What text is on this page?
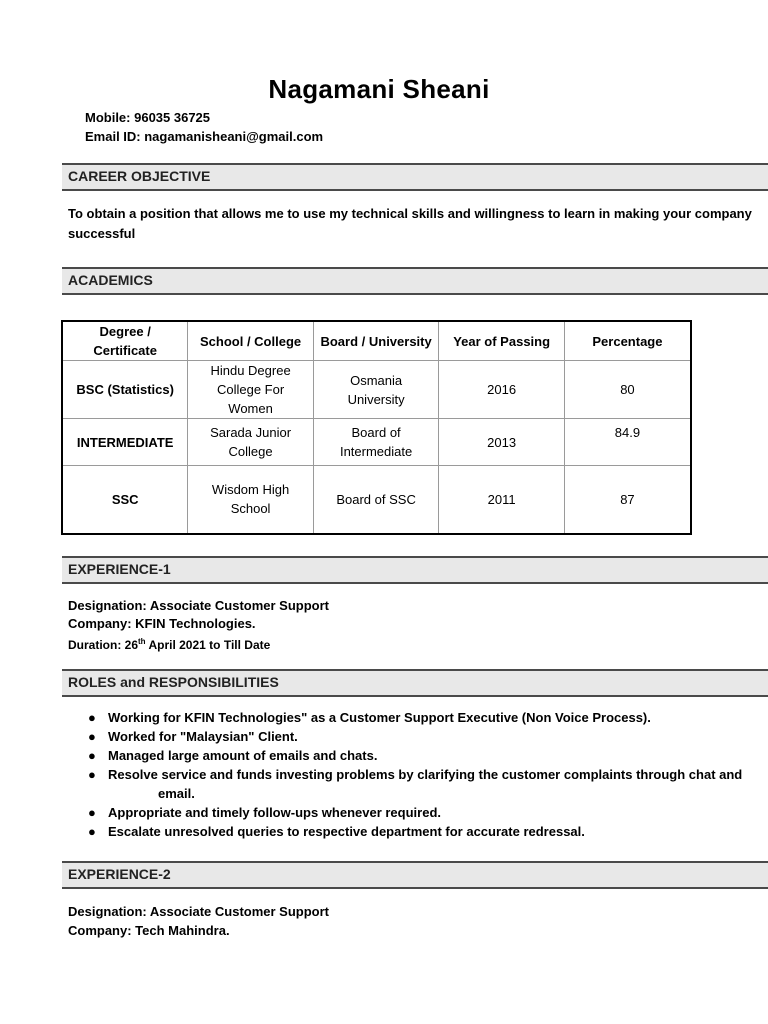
Nagamani Sheani
Mobile: 96035 36725
Email ID: nagamanisheani@gmail.com
CAREER OBJECTIVE
To obtain a position that allows me to use my technical skills and willingness to learn in making your company successful
ACADEMICS
Degree / Certificate	School / College	Board / University	Year of Passing	Percentage
BSC (Statistics)	Hindu Degree College For Women	Osmania University	2016	80
INTERMEDIATE	Sarada Junior College	Board of Intermediate	2013	84.9
SSC	Wisdom High School	Board of SSC	2011	87
EXPERIENCE-1
Designation: Associate Customer Support
Company: KFIN Technologies.
Duration: 26th April 2021 to Till Date
ROLES and RESPONSIBILITIES
● Working for KFIN Technologies" as a Customer Support Executive (Non Voice Process).
● Worked for "Malaysian" Client.
● Managed large amount of emails and chats.
● Resolve service and funds investing problems by clarifying the customer complaints through chat and
email.
● Appropriate and timely follow-ups whenever required.
● Escalate unresolved queries to respective department for accurate redressal.
EXPERIENCE-2
Designation: Associate Customer Support
Company: Tech Mahindra.
